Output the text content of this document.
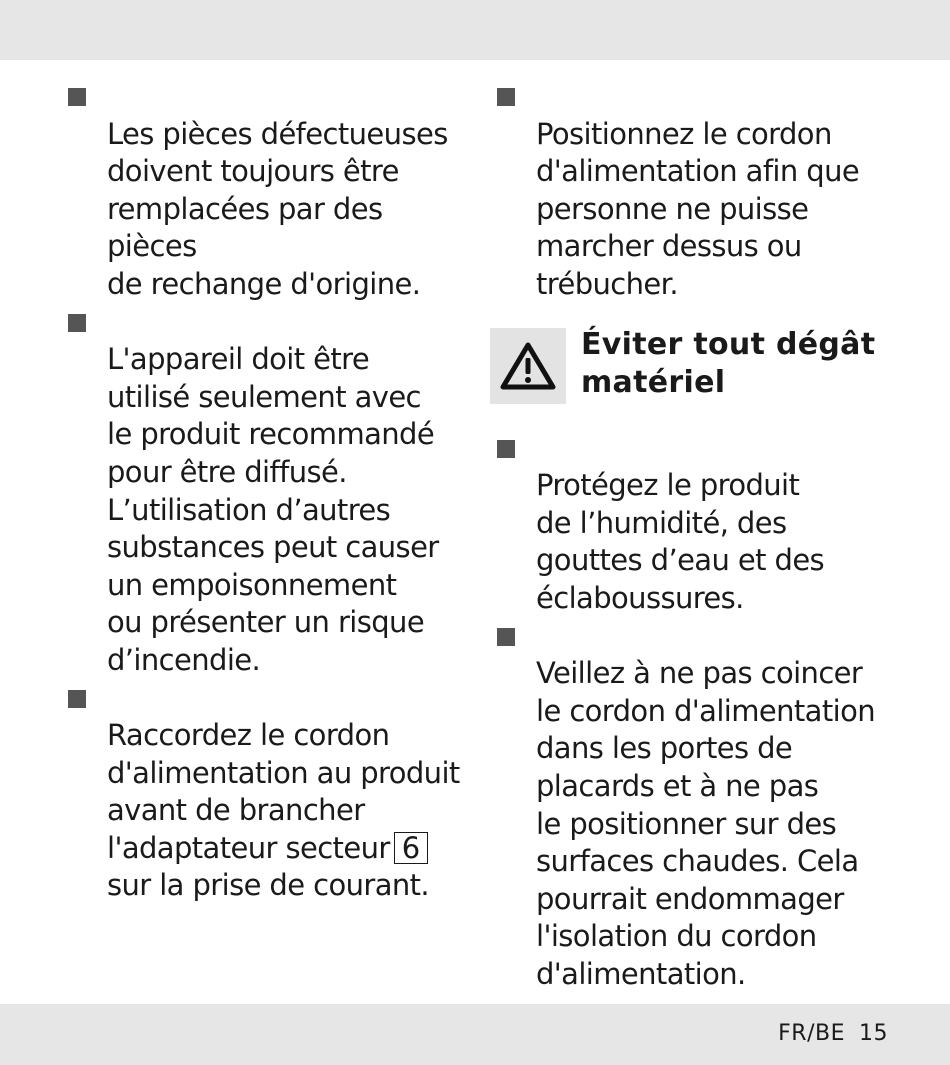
Les pièces défectueuses
doivent toujours être
remplacées par des pièces
de rechange d'origine.

L'appareil doit être
utilisé seulement avec
le produit recommandé
pour être diffusé.
L’utilisation d’autres
substances peut causer
un empoisonnement
ou présenter un risque
d’incendie.

Raccordez le cordon
d'alimentation au produit
avant de brancher
l'adaptateur secteur 6
sur la prise de courant.

Positionnez le cordon
d'alimentation afin que
personne ne puisse
marcher dessus ou
trébucher.

Éviter tout dégât
matériel

Protégez le produit
de l’humidité, des
gouttes d’eau et des
éclaboussures.

Veillez à ne pas coincer
le cordon d'alimentation
dans les portes de
placards et à ne pas
le positionner sur des
surfaces chaudes. Cela
pourrait endommager
l'isolation du cordon
d'alimentation.

FR/BE 15
